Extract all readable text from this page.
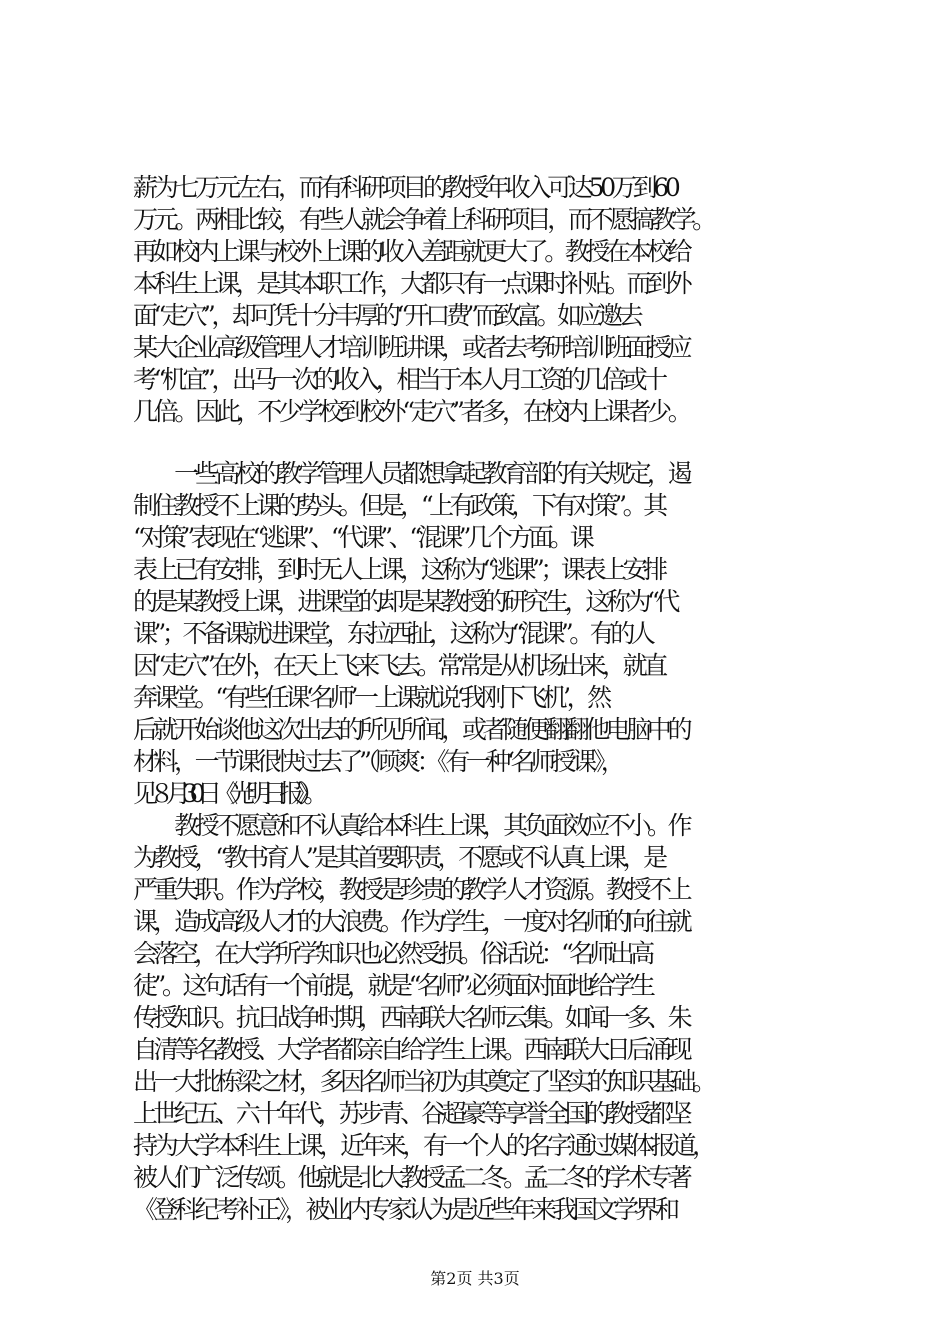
薪为七万元左右，而有科研项目的教授年收入可达50万到60

万元。两相比较，有些人就会争着上科研项目，而不愿搞教学。

再如校内上课与校外上课的收入差距就更大了。教授在本校给

本科生上课，是其本职工作，大都只有一点课时补贴。而到外

面“走穴”，却可凭十分丰厚的“开口费”而致富。如应邀去

某大企业高级管理人才培训班讲课，或者去考研培训班面授应

考“机宜”，出马一次的收入，相当于本人月工资的几倍或十

几倍。因此，不少学校到校外“走穴”者多，在校内上课者少。

　　一些高校的教学管理人员都想拿起教育部的有关规定，遏

制住教授不上课的势头。但是，“上有政策，下有对策”。其

“对策”表现在“逃课”、“代课”、“混课”几个方面。课

表上已有安排，到时无人上课，这称为“逃课”；课表上安排

的是某教授上课，进课堂的却是某教授的研究生，这称为“代

课”；不备课就进课堂，东拉西扯，这称为“混课”。有的人

因“走穴”在外，在天上飞来飞去。常常是从机场出来，就直

奔课堂。“有些任课‘名师’一上课就说‘我刚下飞机’，然

后就开始谈他这次出去的所见所闻，或者随便翻翻他电脑中的

材料，一节课很快过去了”（顾爽：《有一种‘名师授课》，

见８月30日《光明日报》）。

　　教授不愿意和不认真给本科生上课，其负面效应不小。作

为教授，“教书育人”是其首要职责，不愿或不认真上课，是

严重失职。作为学校，教授是珍贵的教学人才资源。教授不上

课，造成高级人才的大浪费。作为学生，一度对名师的向往就

会落空，在大学所学知识也必然受损。俗话说：“名师出高

徒”。这句话有一个前提，就是“名师”必须面对面地给学生

传授知识。抗日战争时期，西南联大名师云集。如闻一多、朱

自清等名教授、大学者都亲自给学生上课。西南联大日后涌现

出一大批栋梁之材，多因名师当初为其奠定了坚实的知识基础。

上世纪五、六十年代，苏步青、谷超豪等享誉全国的教授都坚

持为大学本科生上课，近年来，有一个人的名字通过媒体报道，

被人们广泛传颂。他就是北大教授孟二冬。孟二冬的学术专著

《登科纪考补正》，被业内专家认为是近些年来我国文学界和

第2页 共3页
